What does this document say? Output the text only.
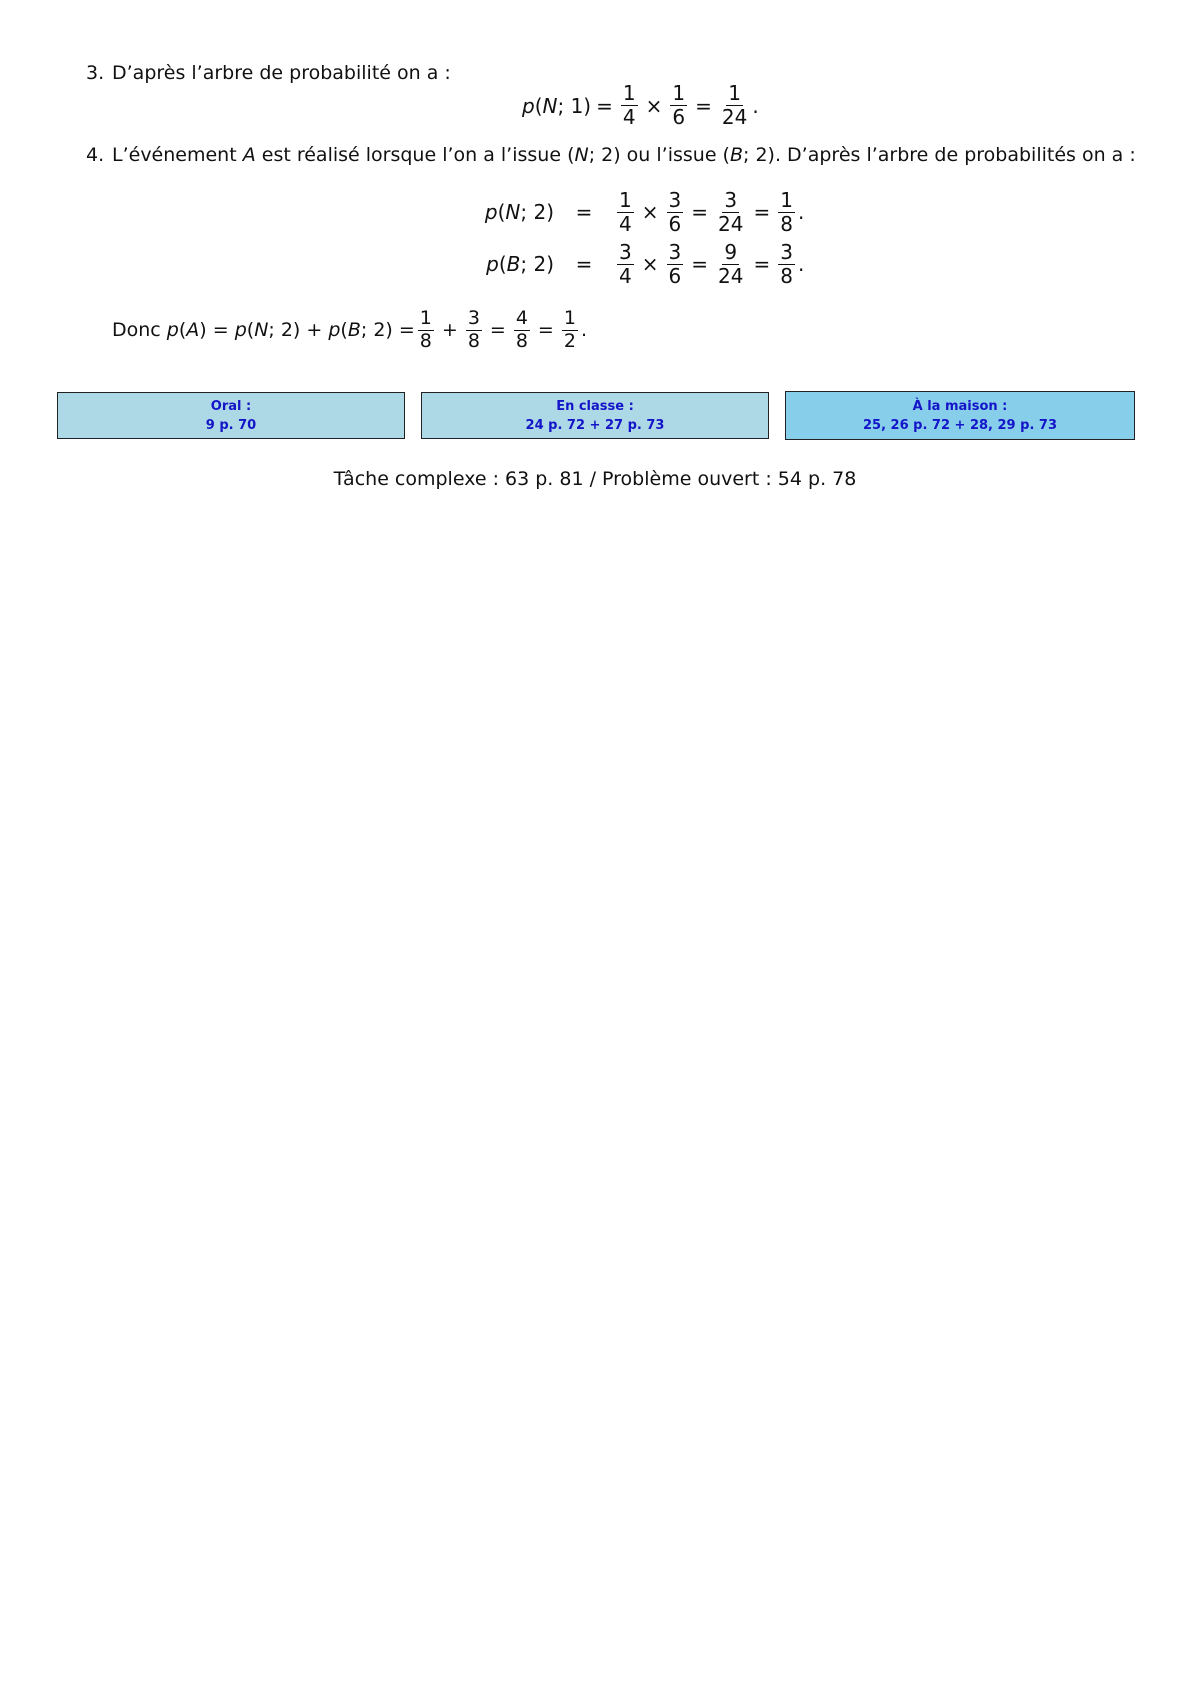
3. D’après l’arbre de probabilité on a :
p ( N ; $1) = \frac{1}{4} \times \frac{1}{6} = \frac{1}{24}$ .
4. L’événement A est réalisé lorsque l’on a l’issue (N; 2) ou l’issue (B; 2). D’après l’arbre de probabilités on a :
p(N; 2)	=	$\frac{1}{4} \times \frac{3}{6} = \frac{3}{24} = \frac{1}{8}$ .
p(B; 2)	=	$\frac{3}{4} \times \frac{3}{6} = \frac{9}{24} = \frac{3}{8}$ .
Donc p ( A ) = p ( N ; 2) + p ( B ; $2) = \frac{1}{8} + \frac{3}{8} = \frac{4}{8} = \frac{1}{2}$ .
Oral :
9 p. 70
En classe :
24 p. 72 + 27 p. 73
À la maison :
25, 26 p. 72 + 28, 29 p. 73
Tâche complexe : 63 p. 81 / Problème ouvert : 54 p. 78
